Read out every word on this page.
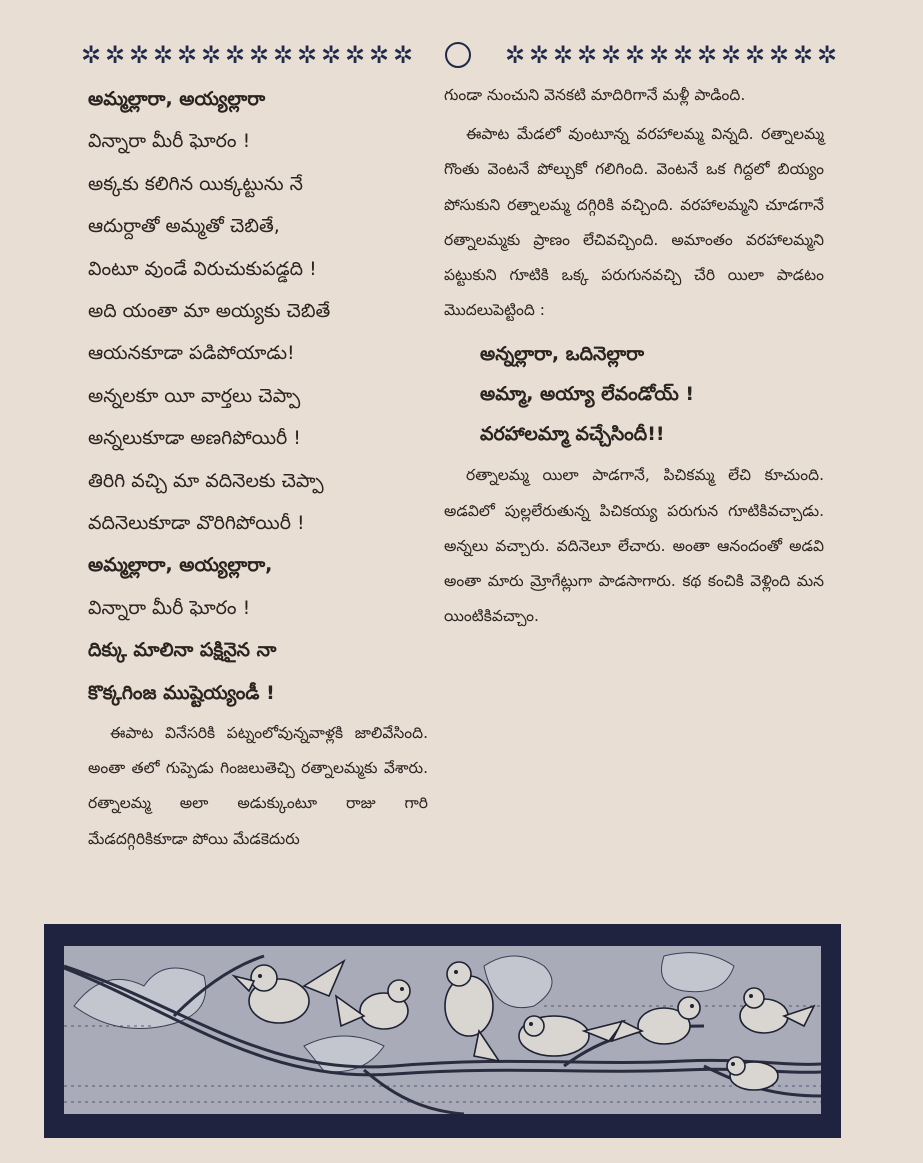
✲ ✲ ✲ ✲ ✲ ✲ ✲ ✲ ✲ ✲ ✲ ✲ ✲ ✲	✲ ✲ ✲ ✲ ✲ ✲ ✲ ✲ ✲ ✲ ✲ ✲ ✲ ✲
అమ్మల్లారా, అయ్యల్లారా
విన్నారా మీరీ ఘోరం !
అక్కకు కలిగిన యిక్కట్టును నే
ఆదుర్దాతో అమ్మతో చెబితే,
వింటూ వుండే విరుచుకుపడ్డది !
అది యంతా మా అయ్యకు చెబితే
ఆయనకూడా పడిపోయాడు!
అన్నలకూ యీ వార్తలు చెప్పా
అన్నలుకూడా అణగిపోయిరీ !
తిరిగి వచ్చి మా వదినెలకు చెప్పా
వదినెలుకూడా వొరిగిపోయిరీ !
అమ్మల్లారా, అయ్యల్లారా,
విన్నారా మీరీ ఘోరం !
దిక్కు మాలినా పక్షినైన నా
కొక్కగింజ ముష్టెయ్యండీ !

ఈపాట వినేసరికి పట్నంలోవున్నవాళ్లకి జాలివేసింది. అంతా తలో గుప్పెడు గింజలుతెచ్చి రత్నాలమ్మకు వేశారు. రత్నాలమ్మ అలా అడుక్కుంటూ రాజు గారి మేడదగ్గిరికికూడా పోయి మేడకెదురు

గుండా నుంచుని వెనకటి మాదిరిగానే మళ్లీ పాడింది.

ఈపాట మేడలో వుంటూన్న వరహాలమ్మ విన్నది. రత్నాలమ్మ గొంతు వెంటనే పోల్చుకో గలిగింది. వెంటనే ఒక గిద్దలో బియ్యం పోసుకుని రత్నాలమ్మ దగ్గిరికి వచ్చింది. వరహాలమ్మని చూడగానే రత్నాలమ్మకు ప్రాణం లేచివచ్చింది. అమాంతం వరహాలమ్మని పట్టుకుని గూటికి ఒక్క పరుగునవచ్చి చేరి యిలా పాడటం మొదలుపెట్టింది :

అన్నల్లారా, ఒదినెల్లారా
అమ్మా, అయ్యా లేవండోయ్ !
వరహాలమ్మా వచ్చేసిందీ!!

రత్నాలమ్మ యిలా పాడగానే, పిచికమ్మ లేచి కూచుంది. అడవిలో పుల్లలేరుతున్న పిచికయ్య పరుగున గూటికివచ్చాడు. అన్నలు వచ్చారు. వదినెలూ లేచారు. అంతా ఆనందంతో అడవి అంతా మారు మ్రోగేట్లుగా పాడసాగారు. కథ కంచికి వెళ్లింది మన యింటికివచ్చాం.
